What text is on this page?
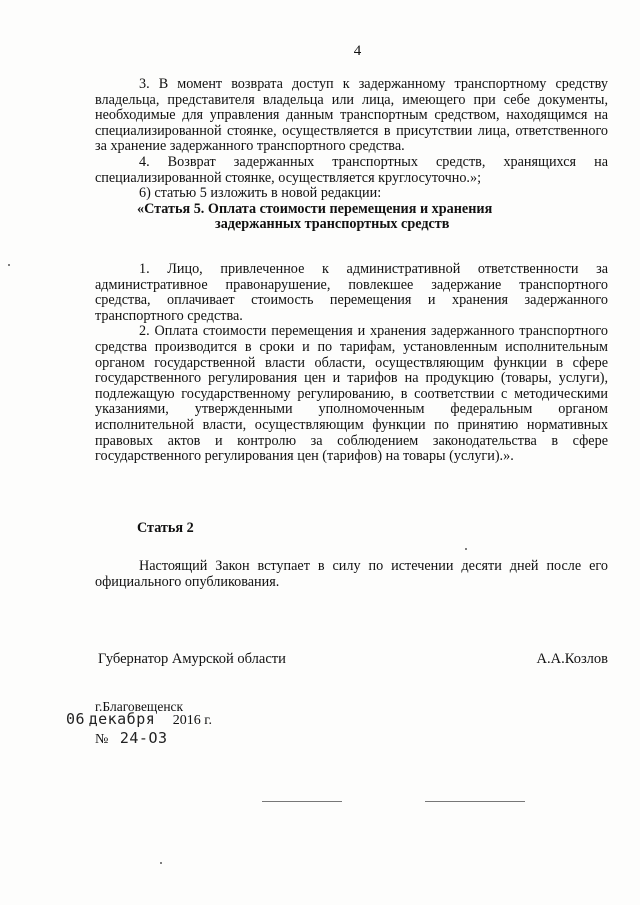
4

3. В момент возврата доступ к задержанному транспортному средству владельца, представителя владельца или лица, имеющего при себе документы, необходимые для управления данным транспортным средством, находящимся на специализированной стоянке, осуществляется в присутствии лица, ответственного за хранение задержанного транспортного средства.

4. Возврат задержанных транспортных средств, хранящихся на специализированной стоянке, осуществляется круглосуточно.»;

6) статью 5 изложить в новой редакции:

«Статья 5. Оплата стоимости перемещения и хранения
задержанных транспортных средств

1. Лицо, привлеченное к административной ответственности за административное правонарушение, повлекшее задержание транспортного средства, оплачивает стоимость перемещения и хранения задержанного транспортного средства.

2. Оплата стоимости перемещения и хранения задержанного транспортного средства производится в сроки и по тарифам, установленным исполнительным органом государственной власти области, осуществляющим функции в сфере государственного регулирования цен и тарифов на продукцию (товары, услуги), подлежащую государственному регулированию, в соответствии с методическими указаниями, утвержденными уполномоченным федеральным органом исполнительной власти, осуществляющим функции по принятию нормативных правовых актов и контролю за соблюдением законодательства в сфере государственного регулирования цен (тарифов) на товары (услуги).».

Статья 2

Настоящий Закон вступает в силу по истечении десяти дней после его официального опубликования.

Губернатор Амурской области	А.А.Козлов
г.Благовещенск
06 декабря 2016 г.
№ 24-ОЗ
